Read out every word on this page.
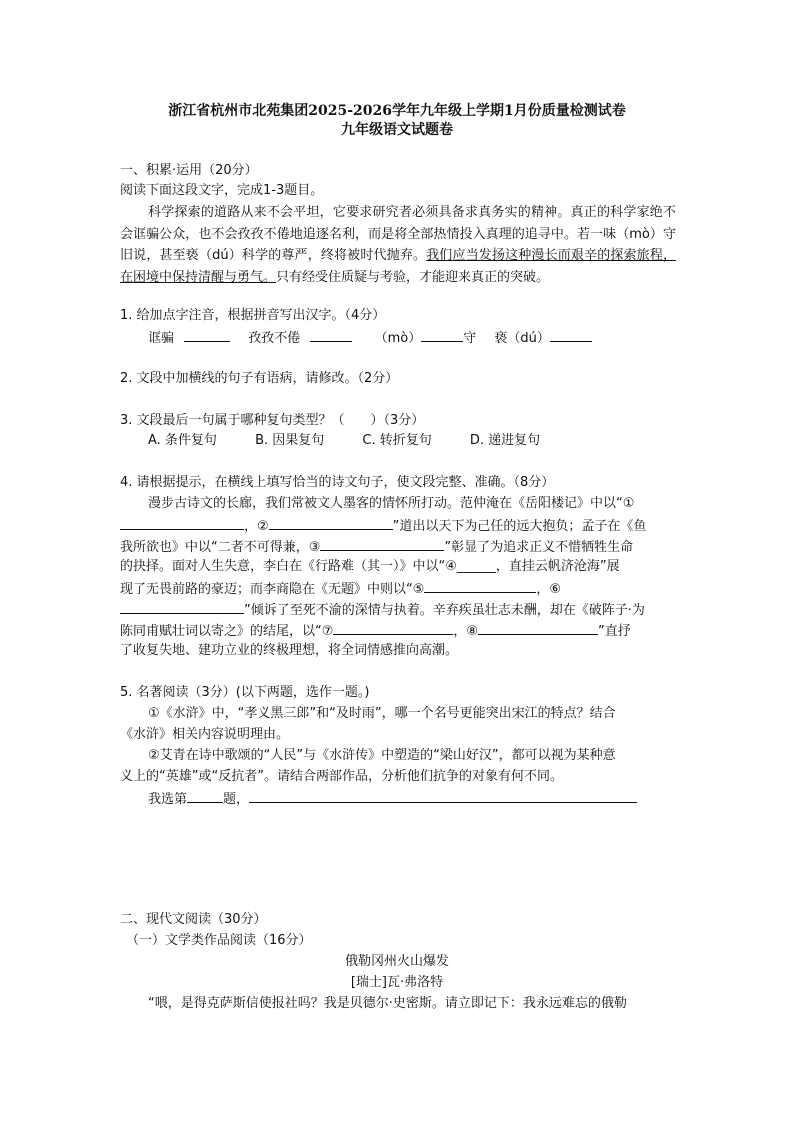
浙江省杭州市北苑集团2025-2026学年九年级上学期1月份质量检测试卷
九年级语文试题卷
一、积累·运用（20分）
阅读下面这段文字，完成1-3题目。
科学探索的道路从来不会平坦，它要求研究者必须具备求真务实的精神。真正的科学家绝不会诓骗公众，也不会孜孜不倦地追逐名利，而是将全部热情投入真理的追寻中。若一味（mò）守旧说，甚至亵（dú）科学的尊严，终将被时代抛弃。我们应当发扬这种漫长而艰辛的探索旅程，在困境中保持清醒与勇气。只有经受住质疑与考验，才能迎来真正的突破。
1. 给加点字注音，根据拼音写出汉字。（4分）
诓骗	孜孜不倦	（mò）	守 亵（dú）
2. 文段中加横线的句子有语病，请修改。（2分）
3. 文段最后一句属于哪种复句类型？（　　）（3分）
A. 条件复句	B. 因果复句	C. 转折复句	D. 递进复句
4. 请根据提示，在横线上填写恰当的诗文句子，使文段完整、准确。（8分）
漫步古诗文的长廊，我们常被文人墨客的情怀所打动。范仲淹在《岳阳楼记》中以“①
，②	”道出以天下为己任的远大抱负；孟子在《鱼
我所欲也》中以“二者不可得兼，③	”彰显了为追求正义不惜牺牲生命
的抉择。面对人生失意，李白在《行路难（其一）》中以“④______，直挂云帆济沧海”展
现了无畏前路的豪迈；而李商隐在《无题》中则以“⑤	，⑥
”倾诉了至死不渝的深情与执着。辛弃疾虽壮志未酬，却在《破阵子·为
陈同甫赋壮词以寄之》的结尾，以“⑦	，⑧	”直抒
了收复失地、建功立业的终极理想，将全词情感推向高潮。
5. 名著阅读（3分）(以下两题，选作一题。)
①《水浒》中，“孝义黑三郎”和“及时雨”，哪一个名号更能突出宋江的特点？结合
《水浒》相关内容说明理由。
②艾青在诗中歌颂的“人民”与《水浒传》中塑造的“梁山好汉”，都可以视为某种意
义上的“英雄”或“反抗者”。请结合两部作品，分析他们抗争的对象有何不同。
我选第	题，
二、现代文阅读（30分）
（一）文学类作品阅读（16分）
俄勒冈州火山爆发
[瑞士]瓦·弗洛特
“喂，是得克萨斯信使报社吗？我是贝德尔·史密斯。请立即记下：我永远难忘的俄勒
